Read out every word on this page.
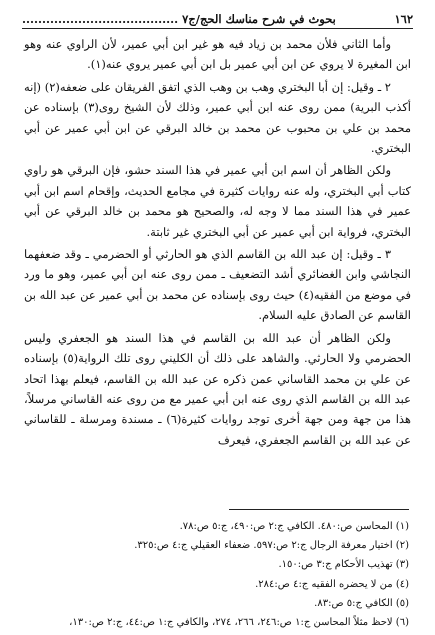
١٦٢
بحوث في شرح مناسك الحج/ج٧ .......................................

وأما الثاني فلأن محمد بن زياد فيه هو غير ابن أبي عمير، لأن الراوي عنه وهو ابن المغيرة لا يروي عن ابن أبي عمير بل ابن أبي عمير يروي عنه(١).

٢ ـ وقيل: إن أبا البختري وهب بن وهب الذي اتفق الفريقان على ضعفه(٢) (إنه أكذب البرية) ممن روى عنه ابن أبي عمير، وذلك لأن الشيخ روى(٣) بإسناده عن محمد بن علي بن محبوب عن محمد بن خالد البرقي عن ابن أبي عمير عن أبي البختري.

ولكن الظاهر أن اسم ابن أبي عمير في هذا السند حشو، فإن البرقي هو راوي كتاب أبي البختري، وله عنه روايات كثيرة في مجامع الحديث، وإقحام اسم ابن أبي عمير في هذا السند مما لا وجه له، والصحيح هو محمد بن خالد البرقي عن أبي البختري، فرواية ابن أبي عمير عن أبي البختري غير ثابتة.

٣ ـ وقيل: إن عبد الله بن القاسم الذي هو الحارثي أو الحضرمي ـ وقد ضعفهما النجاشي وابن الغضائري أشد التضعيف ـ ممن روى عنه ابن أبي عمير، وهو ما ورد في موضع من الفقيه(٤) حيث روى بإسناده عن محمد بن أبي عمير عن عبد الله بن القاسم عن الصادق عليه السلام.

ولكن الظاهر أن عبد الله بن القاسم في هذا السند هو الجعفري وليس الحضرمي ولا الحارثي. والشاهد على ذلك أن الكليني روى تلك الرواية(٥) بإسناده عن علي بن محمد القاساني عمن ذكره عن عبد الله بن القاسم، فيعلم بهذا اتحاد عبد الله بن القاسم الذي روى عنه ابن أبي عمير مع من روى عنه القاساني مرسلاً، هذا من جهة ومن جهة أخرى توجد روايات كثيرة(٦) ـ مسندة ومرسلة ـ للقاساني عن عبد الله بن القاسم الجعفري، فيعرف

(١) المحاسن ص:٤٨٠. الكافي ج:٢ ص:٤٩٠، ج:٥ ص:٧٨.
(٢) اختيار معرفة الرجال ج:٢ ص:٥٩٧. ضعفاء العقيلي ج:٤ ص:٣٢٥.
(٣) تهذيب الأحكام ج:٣ ص:١٥٠.
(٤) من لا يحضره الفقيه ج:٤ ص:٢٨٤.
(٥) الكافي ج:٥ ص:٨٣.
(٦) لاحظ مثلاً المحاسن ج:١ ص:٢٤٦، ٢٦٦، ٢٧٤، والكافي ج:١ ص:٤٤، ج:٢ ص:١٣٠،
